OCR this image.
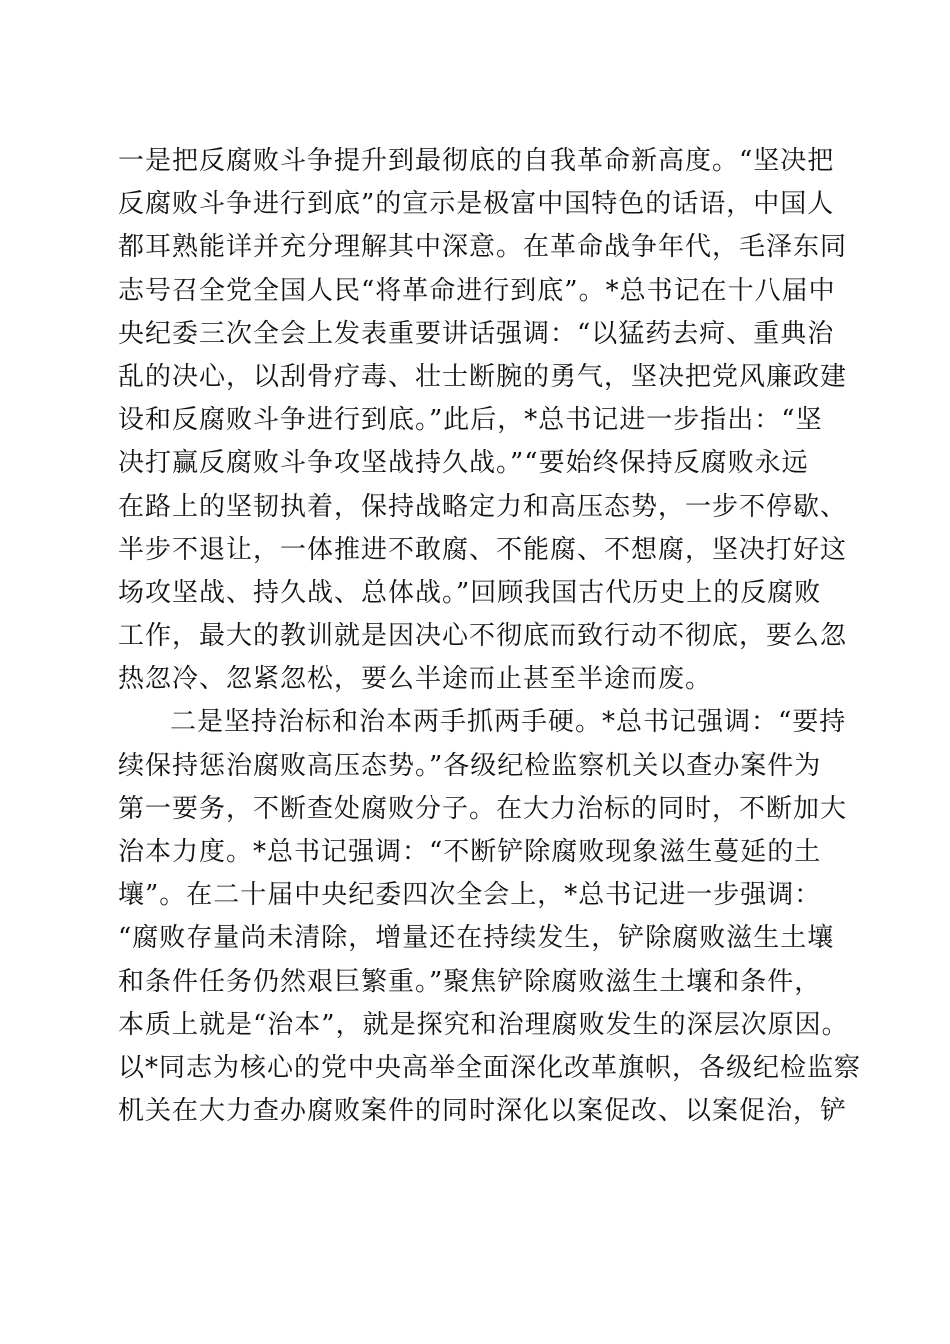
一是把反腐败斗争提升到最彻底的自我革命新高度。“坚决把
反腐败斗争进行到底”的宣示是极富中国特色的话语，中国人
都耳熟能详并充分理解其中深意。在革命战争年代，毛泽东同
志号召全党全国人民“将革命进行到底”。*总书记在十八届中
央纪委三次全会上发表重要讲话强调：“以猛药去疴、重典治
乱的决心，以刮骨疗毒、壮士断腕的勇气，坚决把党风廉政建
设和反腐败斗争进行到底。”此后，*总书记进一步指出：“坚
决打赢反腐败斗争攻坚战持久战。”“要始终保持反腐败永远
在路上的坚韧执着，保持战略定力和高压态势，一步不停歇、
半步不退让，一体推进不敢腐、不能腐、不想腐，坚决打好这
场攻坚战、持久战、总体战。”回顾我国古代历史上的反腐败
工作，最大的教训就是因决心不彻底而致行动不彻底，要么忽
热忽冷、忽紧忽松，要么半途而止甚至半途而废。
二是坚持治标和治本两手抓两手硬。*总书记强调：“要持
续保持惩治腐败高压态势。”各级纪检监察机关以查办案件为
第一要务，不断查处腐败分子。在大力治标的同时，不断加大
治本力度。*总书记强调：“不断铲除腐败现象滋生蔓延的土
壤”。在二十届中央纪委四次全会上，*总书记进一步强调：
“腐败存量尚未清除，增量还在持续发生，铲除腐败滋生土壤
和条件任务仍然艰巨繁重。”聚焦铲除腐败滋生土壤和条件，
本质上就是“治本”，就是探究和治理腐败发生的深层次原因。
以*同志为核心的党中央高举全面深化改革旗帜，各级纪检监察
机关在大力查办腐败案件的同时深化以案促改、以案促治，铲
